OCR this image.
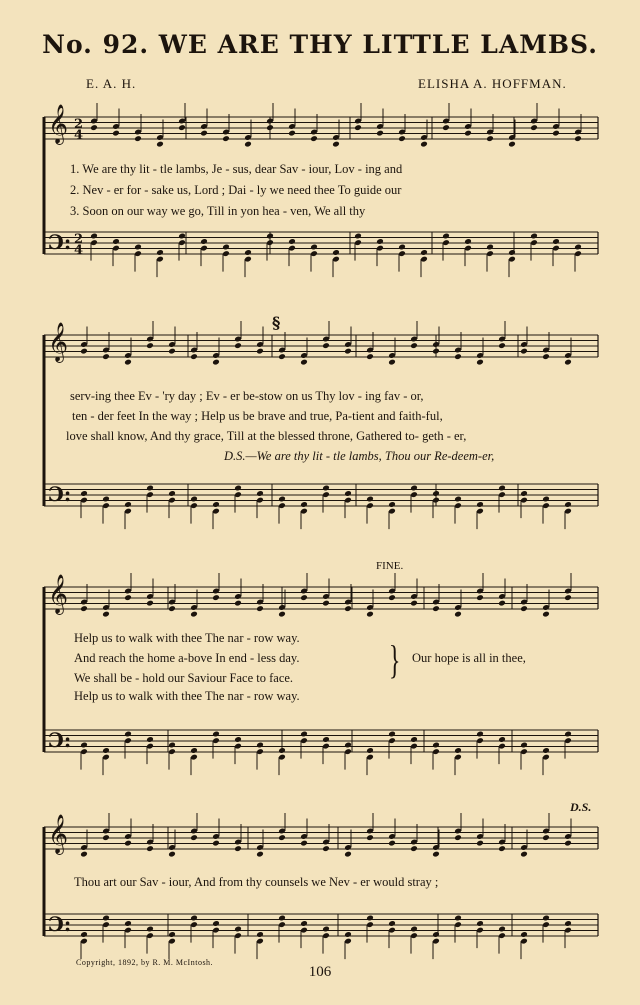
No. 92. WE ARE THY LITTLE LAMBS.
E. A. H.	ELISHA A. HOFFMAN.
𝄞
Ɔ:
2
4
2
4
𝄞
Ɔ:
𝄞
Ɔ:
𝄞
Ɔ:
§
1. We are thy lit - tle lambs, Je - sus, dear Sav - iour, Lov - ing and
2. Nev - er for - sake us, Lord ; Dai - ly we need thee To guide our
3. Soon on our way we go, Till in yon hea - ven, We all thy
serv-ing thee Ev - 'ry day ; Ev - er be-stow on us Thy lov - ing fav - or,
ten - der feet In the way ; Help us be brave and true, Pa-tient and faith-ful,
love shall know, And thy grace, Till at the blessed throne, Gathered to- geth - er,
D.S.—We are thy lit - tle lambs, Thou our Re-deem-er,
FINE.
Help us to walk with thee The nar - row way.
And reach the home a-bove In end - less day.
We shall be - hold our Saviour Face to face.
Help us to walk with thee The nar - row way.
} Our hope is all in thee,
D.S.
Thou art our Sav - iour, And from thy counsels we Nev - er would stray ;
Copyright, 1892, by R. M. McIntosh.
106
